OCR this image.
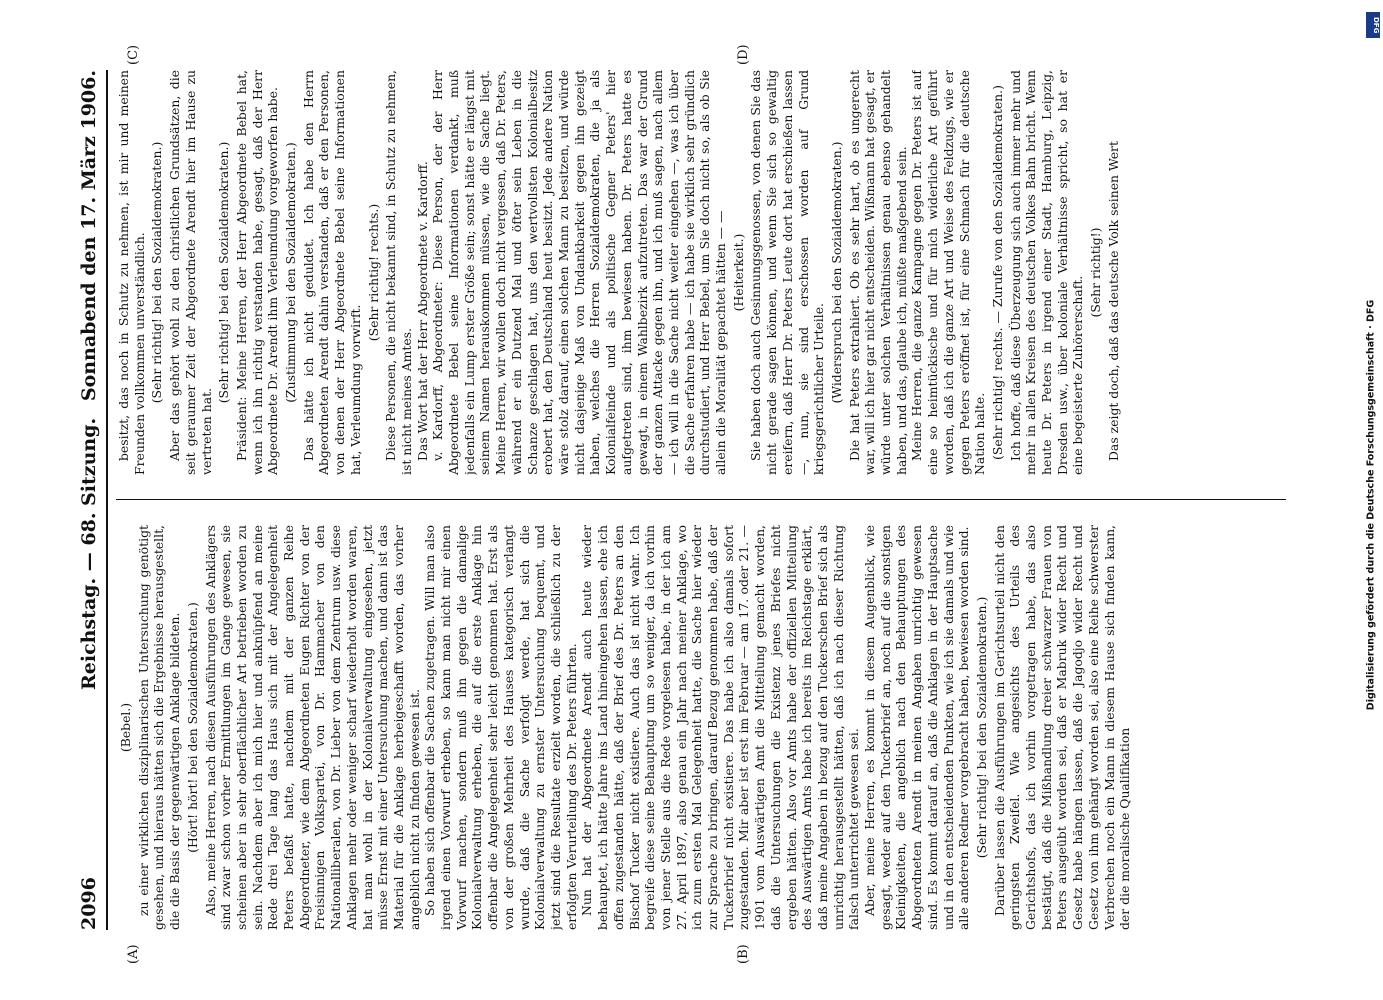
2096
Reichstag. — 68. Sitzung.
Sonnabend den 17. März 1906.
(A)	(B)
(C)	(D)

(Bebel.) zu einer wirklichen disziplinarischen Untersuchung genötigt gesehen, und hieraus hätten sich die Ergebnisse herausgestellt, die die Basis der gegenwärtigen Anklage bildeten. (Hört! hört! bei den Sozialdemokraten.) Also, meine Herren, nach diesen Ausführungen des Anklägers sind zwar schon vorher Ermittlungen im Gange gewesen, sie scheinen aber in sehr oberflächlicher Art betrieben worden zu sein. Nachdem aber ich mich hier und anknüpfend an meine Rede drei Tage lang das Haus sich mit der Angelegenheit Peters befaßt hatte, nachdem mit der ganzen Reihe Abgeordneter, wie dem Abgeordneten Eugen Richter von der Freisinnigen Volkspartei, von Dr. Hammacher von den Nationalliberalen, von Dr. Lieber von dem Zentrum usw. diese Anklagen mehr oder weniger scharf wiederholt worden waren, hat man wohl in der Kolonialverwaltung eingesehen, jetzt müsse Ernst mit einer Untersuchung machen, und dann ist das Material für die Anklage herbeigeschafft worden, das vorher angeblich nicht zu finden gewesen ist. So haben sich offenbar die Sachen zugetragen. Will man also irgend einen Vorwurf erheben, so kann man nicht mir einen Vorwurf machen, sondern muß ihn gegen die damalige Kolonialverwaltung erheben, die auf die erste Anklage hin offenbar die Angelegenheit sehr leicht genommen hat. Erst als von der großen Mehrheit des Hauses kategorisch verlangt wurde, daß die Sache verfolgt werde, hat sich die Kolonialverwaltung zu ernster Untersuchung bequemt, und jetzt sind die Resultate erzielt worden, die schließlich zu der erfolgten Verurteilung des Dr. Peters führten. Nun hat der Abgeordnete Arendt auch heute wieder behauptet, ich hätte Jahre ins Land hineingehen lassen, ehe ich offen zugestanden hätte, daß der Brief des Dr. Peters an den Bischof Tucker nicht existiere. Auch das ist nicht wahr. Ich begreife diese seine Behauptung um so weniger, da ich vorhin von jener Stelle aus die Rede vorgelesen habe, in der ich am 27. April 1897, also genau ein Jahr nach meiner Anklage, wo ich zum ersten Mal Gelegenheit hatte, die Sache hier wieder zur Sprache zu bringen, darauf Bezug genommen habe, daß der Tuckerbrief nicht existiere. Das habe ich also damals sofort zugestanden. Mir aber ist erst im Februar — am 17. oder 21. — 1901 vom Auswärtigen Amt die Mitteilung gemacht worden, daß die Untersuchungen die Existenz jenes Briefes nicht ergeben hätten. Also vor Amts habe der offiziellen Mitteilung des Auswärtigen Amts habe ich bereits im Reichstage erklärt, daß meine Angaben in bezug auf den Tuckerschen Brief sich als unrichtig herausgestellt hätten, daß ich nach dieser Richtung falsch unterrichtet gewesen sei. Aber, meine Herren, es kommt in diesem Augenblick, wie gesagt, weder auf den Tuckerbrief an, noch auf die sonstigen Kleinigkeiten, die angeblich nach den Behauptungen des Abgeordneten Arendt in meinen Angaben unrichtig gewesen sind. Es kommt darauf an, daß die Anklagen in der Hauptsache und in den entscheidenden Punkten, wie ich sie damals und wie alle anderen Redner vorgebracht haben, bewiesen worden sind. (Sehr richtig! bei den Sozialdemokraten.) Darüber lassen die Ausführungen im Gerichtsurteil nicht den geringsten Zweifel. Wie angesichts des Urteils des Gerichtshofs, das ich vorhin vorgetragen habe, das also bestätigt, daß die Mißhandlung dreier schwarzer Frauen von Peters ausgeübt worden sei, daß er Mabruk wider Recht und Gesetz habe hängen lassen, daß die Jagodjo wider Recht und Gesetz von ihm gehängt worden sei, also eine Reihe schwerster Verbrechen noch ein Mann in diesem Hause sich finden kann, der die moralische Qualifikation

besitzt, das noch in Schutz zu nehmen, ist mir und meinen Freunden vollkommen unverständlich. (Sehr richtig! bei den Sozialdemokraten.) Aber das gehört wohl zu den christlichen Grundsätzen, die seit geraumer Zeit der Abgeordnete Arendt hier im Hause zu vertreten hat.

(Sehr richtig! bei den Sozialdemokraten.) Präsident: Meine Herren, der Herr Abgeordnete Bebel hat, wenn ich ihn richtig verstanden habe, gesagt, daß der Herr Abgeordnete Dr. Arendt ihm Verleumdung vorgeworfen habe. (Zustimmung bei den Sozialdemokraten.) Das hätte ich nicht geduldet. Ich habe den Herrn Abgeordneten Arendt dahin verstanden, daß er den Personen, von denen der Herr Abgeordnete Bebel seine Informationen hat, Verleumdung vorwirft.

(Sehr richtig! rechts.) Diese Personen, die nicht bekannt sind, in Schutz zu nehmen, ist nicht meines Amtes. Das Wort hat der Herr Abgeordnete v. Kardorff. v. Kardorff, Abgeordneter: Diese Person, der der Herr Abgeordnete Bebel seine Informationen verdankt, muß jedenfalls ein Lump erster Größe sein; sonst hätte er längst mit seinem Namen herauskommen müssen, wie die Sache liegt. Meine Herren, wir wollen doch nicht vergessen, daß Dr. Peters, während er ein Dutzend Mal und öfter sein Leben in die Schanze geschlagen hat, uns den wertvollsten Kolonialbesitz erobert hat, den Deutschland heut besitzt. Jede andere Nation wäre stolz darauf, einen solchen Mann zu besitzen, und würde nicht dasjenige Maß von Undankbarkeit gegen ihn gezeigt haben, welches die Herren Sozialdemokraten, die ja als Kolonialfeinde und als politische Gegner Peters' hier aufgetreten sind, ihm bewiesen haben. Dr. Peters hatte es gewagt, in einem Wahlbezirk aufzutreten. Das war der Grund der ganzen Attacke gegen ihn, und ich muß sagen, nach allem — ich will in die Sache nicht weiter eingehen —, was ich über die Sache erfahren habe — ich habe sie wirklich sehr gründlich durchstudiert, und Herr Bebel, um Sie doch nicht so, als ob Sie allein die Moralität gepachtet hätten — — (Heiterkeit.) Sie haben doch auch Gesinnungsgenossen, von denen Sie das nicht gerade sagen können, und wenn Sie sich so gewaltig ereifern, daß Herr Dr. Peters Leute dort hat erschießen lassen —, nun, sie sind erschossen worden auf Grund kriegsgerichtlicher Urteile. (Widerspruch bei den Sozialdemokraten.) Die hat Peters extrahiert. Ob es sehr hart, ob es ungerecht war, will ich hier gar nicht entscheiden. Wißmann hat gesagt, er würde unter solchen Verhältnissen genau ebenso gehandelt haben, und das, glaube ich, müßte maßgebend sein. Meine Herren, die ganze Kampagne gegen Dr. Peters ist auf eine so heimtückische und für mich widerliche Art geführt worden, daß ich die ganze Art und Weise des Feldzugs, wie er gegen Peters eröffnet ist, für eine Schmach für die deutsche Nation halte. (Sehr richtig! rechts. — Zurufe von den Sozialdemokraten.) Ich hoffe, daß diese Überzeugung sich auch immer mehr und mehr in allen Kreisen des deutschen Volkes Bahn bricht. Wenn heute Dr. Peters in irgend einer Stadt, Hamburg, Leipzig, Dresden usw., über koloniale Verhältnisse spricht, so hat er eine begeisterte Zuhörerschaft.

(Sehr richtig!) Das zeigt doch, daß das deutsche Volk seinen Wert	Digitalisierung gefördert durch die Deutsche Forschungsgemeinschaft · DFG
DFG
